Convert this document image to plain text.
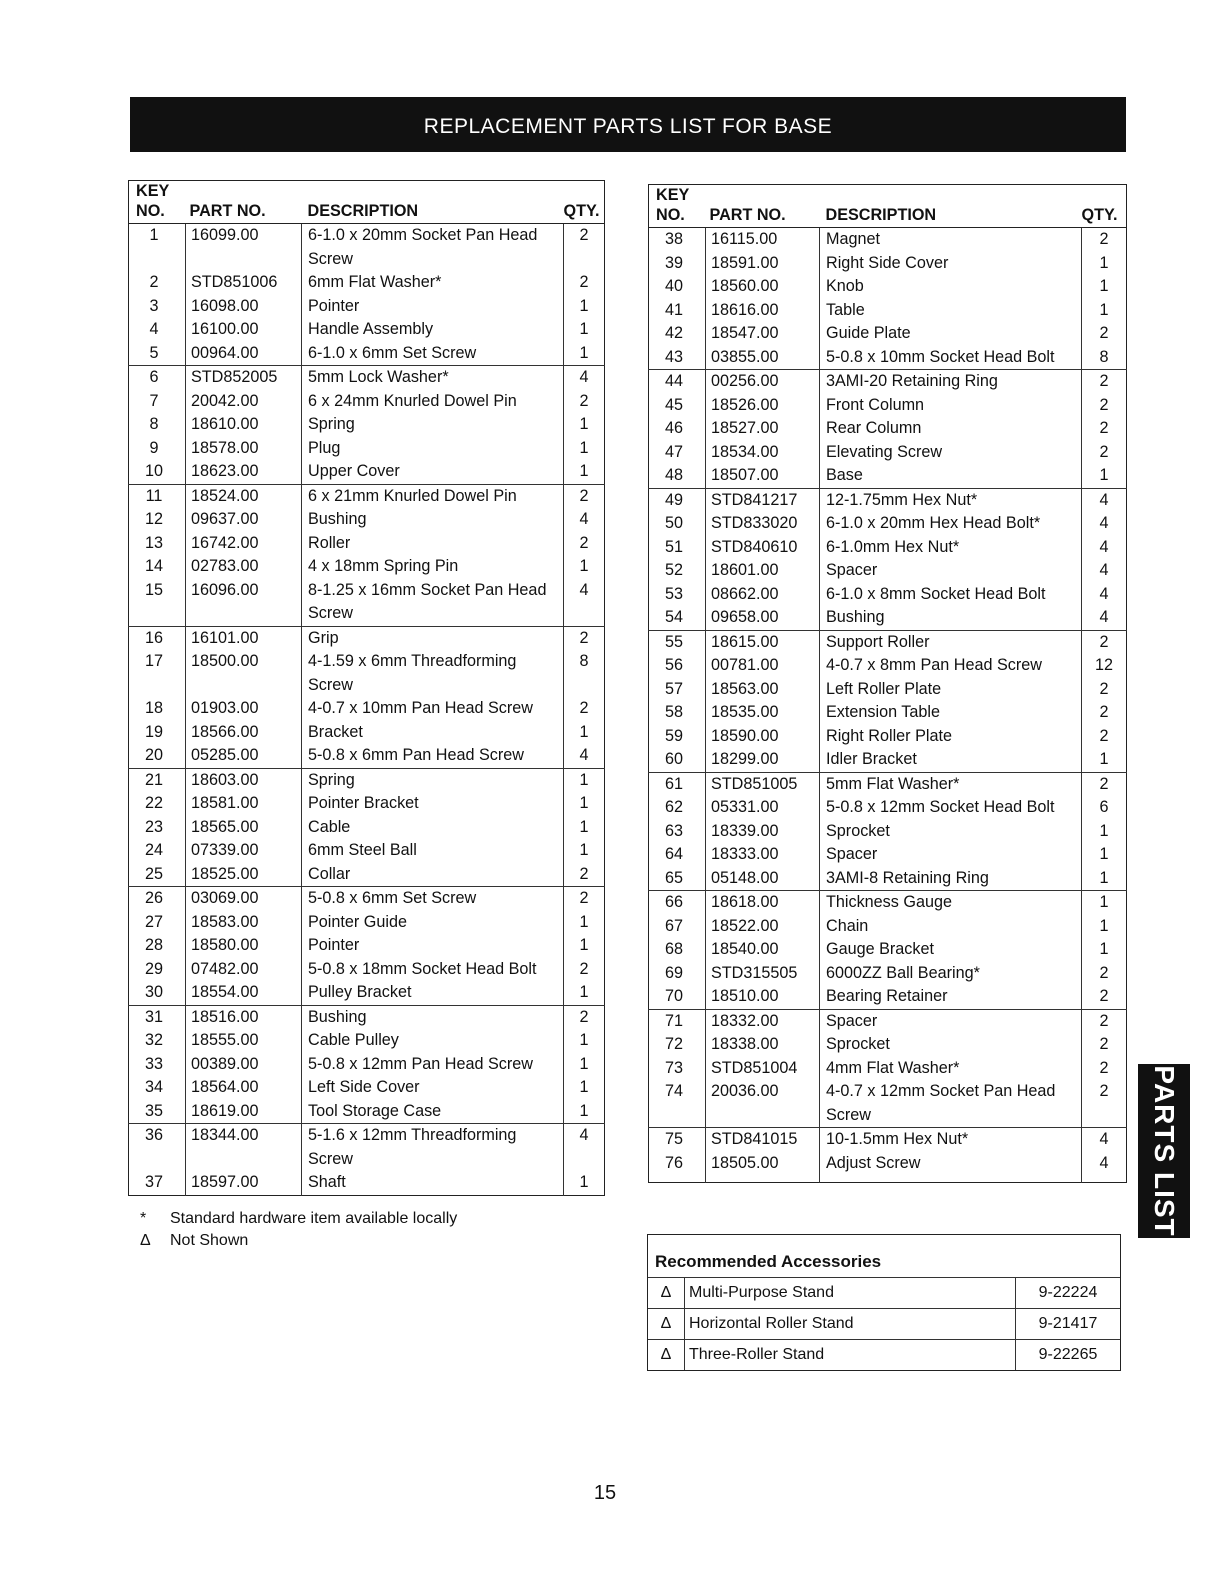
REPLACEMENT PARTS LIST FOR BASE
KEY
NO.	PART NO.	DESCRIPTION	QTY.
1	16099.00	6-1.0 x 20mm Socket Pan Head
Screw	2
2	STD851006	6mm Flat Washer*	2
3	16098.00	Pointer	1
4	16100.00	Handle Assembly	1
5	00964.00	6-1.0 x 6mm Set Screw	1
6	STD852005	5mm Lock Washer*	4
7	20042.00	6 x 24mm Knurled Dowel Pin	2
8	18610.00	Spring	1
9	18578.00	Plug	1
10	18623.00	Upper Cover	1
11	18524.00	6 x 21mm Knurled Dowel Pin	2
12	09637.00	Bushing	4
13	16742.00	Roller	2
14	02783.00	4 x 18mm Spring Pin	1
15	16096.00	8-1.25 x 16mm Socket Pan Head
Screw	4
16	16101.00	Grip	2
17	18500.00	4-1.59 x 6mm Threadforming
Screw	8
18	01903.00	4-0.7 x 10mm Pan Head Screw	2
19	18566.00	Bracket	1
20	05285.00	5-0.8 x 6mm Pan Head Screw	4
21	18603.00	Spring	1
22	18581.00	Pointer Bracket	1
23	18565.00	Cable	1
24	07339.00	6mm Steel Ball	1
25	18525.00	Collar	2
26	03069.00	5-0.8 x 6mm Set Screw	2
27	18583.00	Pointer Guide	1
28	18580.00	Pointer	1
29	07482.00	5-0.8 x 18mm Socket Head Bolt	2
30	18554.00	Pulley Bracket	1
31	18516.00	Bushing	2
32	18555.00	Cable Pulley	1
33	00389.00	5-0.8 x 12mm Pan Head Screw	1
34	18564.00	Left Side Cover	1
35	18619.00	Tool Storage Case	1
36	18344.00	5-1.6 x 12mm Threadforming
Screw	4
37	18597.00	Shaft	1
KEY
NO.	PART NO.	DESCRIPTION	QTY.
38	16115.00	Magnet	2
39	18591.00	Right Side Cover	1
40	18560.00	Knob	1
41	18616.00	Table	1
42	18547.00	Guide Plate	2
43	03855.00	5-0.8 x 10mm Socket Head Bolt	8
44	00256.00	3AMI-20 Retaining Ring	2
45	18526.00	Front Column	2
46	18527.00	Rear Column	2
47	18534.00	Elevating Screw	2
48	18507.00	Base	1
49	STD841217	12-1.75mm Hex Nut*	4
50	STD833020	6-1.0 x 20mm Hex Head Bolt*	4
51	STD840610	6-1.0mm Hex Nut*	4
52	18601.00	Spacer	4
53	08662.00	6-1.0 x 8mm Socket Head Bolt	4
54	09658.00	Bushing	4
55	18615.00	Support Roller	2
56	00781.00	4-0.7 x 8mm Pan Head Screw	12
57	18563.00	Left Roller Plate	2
58	18535.00	Extension Table	2
59	18590.00	Right Roller Plate	2
60	18299.00	Idler Bracket	1
61	STD851005	5mm Flat Washer*	2
62	05331.00	5-0.8 x 12mm Socket Head Bolt	6
63	18339.00	Sprocket	1
64	18333.00	Spacer	1
65	05148.00	3AMI-8 Retaining Ring	1
66	18618.00	Thickness Gauge	1
67	18522.00	Chain	1
68	18540.00	Gauge Bracket	1
69	STD315505	6000ZZ Ball Bearing*	2
70	18510.00	Bearing Retainer	2
71	18332.00	Spacer	2
72	18338.00	Sprocket	2
73	STD851004	4mm Flat Washer*	2
74	20036.00	4-0.7 x 12mm Socket Pan Head
Screw	2
75	STD841015	10-1.5mm Hex Nut*	4
76	18505.00	Adjust Screw	4
* Standard hardware item available locally
Δ Not Shown
Recommended Accessories
Δ	Multi-Purpose Stand	9-22224
Δ	Horizontal Roller Stand	9-21417
Δ	Three-Roller Stand	9-22265
PARTS LIST
15
